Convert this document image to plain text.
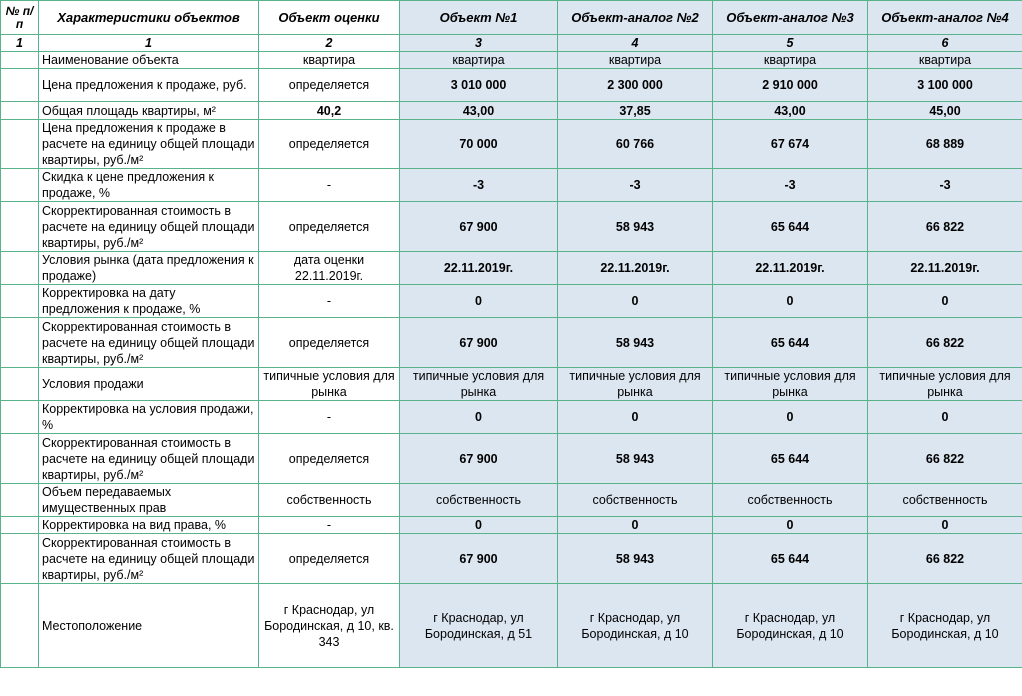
№ п/п	Характеристики объектов	Объект оценки	Объект №1	Объект-аналог №2	Объект-аналог №3	Объект-аналог №4
1	1	2	3	4	5	6
	Наименование объекта	квартира	квартира	квартира	квартира	квартира
	Цена предложения к продаже, руб.	определяется	3 010 000	2 300 000	2 910 000	3 100 000
	Общая площадь квартиры, м²	40,2	43,00	37,85	43,00	45,00
	Цена предложения к продаже в расчете на единицу общей площади квартиры, руб./м²	определяется	70 000	60 766	67 674	68 889
	Скидка к цене предложения к продаже, %	-	-3	-3	-3	-3
	Скорректированная стоимость в расчете на единицу общей площади квартиры, руб./м²	определяется	67 900	58 943	65 644	66 822
	Условия рынка (дата предложения к продаже)	дата оценки 22.11.2019г.	22.11.2019г.	22.11.2019г.	22.11.2019г.	22.11.2019г.
	Корректировка на дату предложения к продаже, %	-	0	0	0	0
	Скорректированная стоимость в расчете на единицу общей площади квартиры, руб./м²	определяется	67 900	58 943	65 644	66 822
	Условия продажи	типичные условия для рынка	типичные условия для рынка	типичные условия для рынка	типичные условия для рынка	типичные условия для рынка
	Корректировка на условия продажи, %	-	0	0	0	0
	Скорректированная стоимость в расчете на единицу общей площади квартиры, руб./м²	определяется	67 900	58 943	65 644	66 822
	Объем передаваемых имущественных прав	собственность	собственность	собственность	собственность	собственность
	Корректировка на вид права, %	-	0	0	0	0
	Скорректированная стоимость в расчете на единицу общей площади квартиры, руб./м²	определяется	67 900	58 943	65 644	66 822
	Местоположение	г Краснодар, ул Бородинская, д 10, кв. 343	г Краснодар, ул Бородинская, д 51	г Краснодар, ул Бородинская, д 10	г Краснодар, ул Бородинская, д 10	г Краснодар, ул Бородинская, д 10
